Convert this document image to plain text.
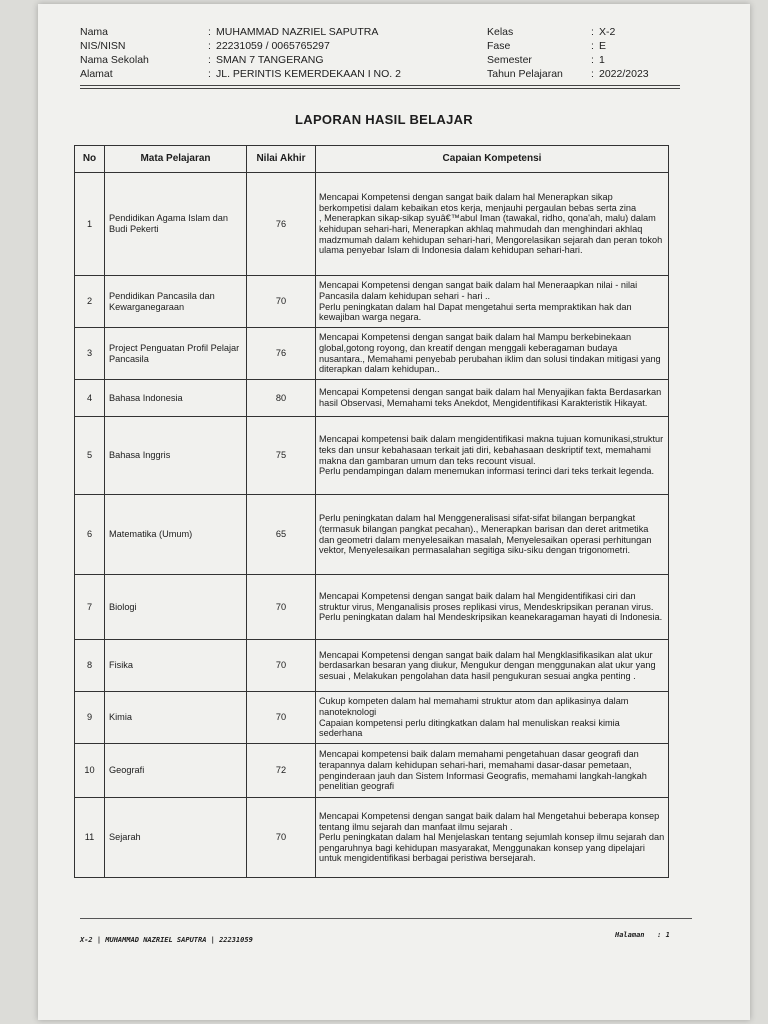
Nama	: MUHAMMAD NAZRIEL SAPUTRA
NIS/NISN	: 22231059 / 0065765297
Nama Sekolah	: SMAN 7 TANGERANG
Alamat	: JL. PERINTIS KEMERDEKAAN I NO. 2
Kelas	: X-2
Fase	: E
Semester	: 1
Tahun Pelajaran	: 2022/2023
LAPORAN HASIL BELAJAR
No	Mata Pelajaran	Nilai Akhir	Capaian Kompetensi
1	Pendidikan Agama Islam dan Budi Pekerti	76	Mencapai Kompetensi dengan sangat baik dalam hal Menerapkan sikap berkompetisi dalam kebaikan etos kerja, menjauhi pergaulan bebas serta zina
, Menerapkan sikap-sikap syuâ€™abul Iman (tawakal, ridho, qona'ah, malu) dalam kehidupan sehari-hari, Menerapkan akhlaq mahmudah dan menghindari akhlaq madzmumah dalam kehidupan sehari-hari, Mengorelasikan sejarah dan peran tokoh ulama penyebar Islam di Indonesia dalam kehidupan sehari-hari.
2	Pendidikan Pancasila dan Kewarganegaraan	70	Mencapai Kompetensi dengan sangat baik dalam hal Meneraapkan nilai - nilai Pancasila dalam kehidupan sehari - hari ..
Perlu peningkatan dalam hal Dapat mengetahui serta mempraktikan hak dan kewajiban warga negara.
3	Project Penguatan Profil Pelajar Pancasila	76	Mencapai Kompetensi dengan sangat baik dalam hal Mampu berkebinekaan global,gotong royong, dan kreatif dengan menggali keberagaman budaya nusantara., Memahami penyebab perubahan iklim dan solusi tindakan mitigasi yang diterapkan dalam kehidupan..
4	Bahasa Indonesia	80	Mencapai Kompetensi dengan sangat baik dalam hal Menyajikan fakta Berdasarkan hasil Observasi, Memahami teks Anekdot, Mengidentifikasi Karakteristik Hikayat.
5	Bahasa Inggris	75	Mencapai kompetensi baik dalam mengidentifikasi makna tujuan komunikasi,struktur teks dan unsur kebahasaan terkait jati diri, kebahasaan deskriptif text, memahami makna dan gambaran umum dan teks recount visual.
Perlu pendampingan dalam menemukan informasi terinci dari teks terkait legenda.
6	Matematika (Umum)	65	Perlu peningkatan dalam hal Menggeneralisasi sifat-sifat bilangan berpangkat (termasuk bilangan pangkat pecahan)., Menerapkan barisan dan deret aritmetika dan geometri dalam menyelesaikan masalah, Menyelesaikan operasi perhitungan vektor, Menyelesaikan permasalahan segitiga siku-siku dengan trigonometri.
7	Biologi	70	Mencapai Kompetensi dengan sangat baik dalam hal Mengidentifikasi ciri dan struktur virus, Menganalisis proses replikasi virus, Mendeskripsikan peranan virus.
Perlu peningkatan dalam hal Mendeskripsikan keanekaragaman hayati di Indonesia.
8	Fisika	70	Mencapai Kompetensi dengan sangat baik dalam hal Mengklasifikasikan alat ukur berdasarkan besaran yang diukur, Mengukur dengan menggunakan alat ukur yang sesuai , Melakukan pengolahan data hasil pengukuran sesuai angka penting .
9	Kimia	70	Cukup kompeten dalam hal memahami struktur atom dan aplikasinya dalam nanoteknologi
Capaian kompetensi perlu ditingkatkan dalam hal menuliskan reaksi kimia sederhana
10	Geografi	72	Mencapai kompetensi baik dalam memahami pengetahuan dasar geografi dan terapannya dalam kehidupan sehari-hari, memahami dasar-dasar pemetaan, penginderaan jauh dan Sistem Informasi Geografis, memahami langkah-langkah penelitian geografi
11	Sejarah	70	Mencapai Kompetensi dengan sangat baik dalam hal Mengetahui beberapa konsep tentang ilmu sejarah dan manfaat ilmu sejarah .
Perlu peningkatan dalam hal Menjelaskan tentang sejumlah konsep ilmu sejarah dan pengaruhnya bagi kehidupan masyarakat, Menggunakan konsep yang dipelajari untuk mengidentifikasi berbagai peristiwa bersejarah.
X-2 | MUHAMMAD NAZRIEL SAPUTRA | 22231059
Halaman : 1
